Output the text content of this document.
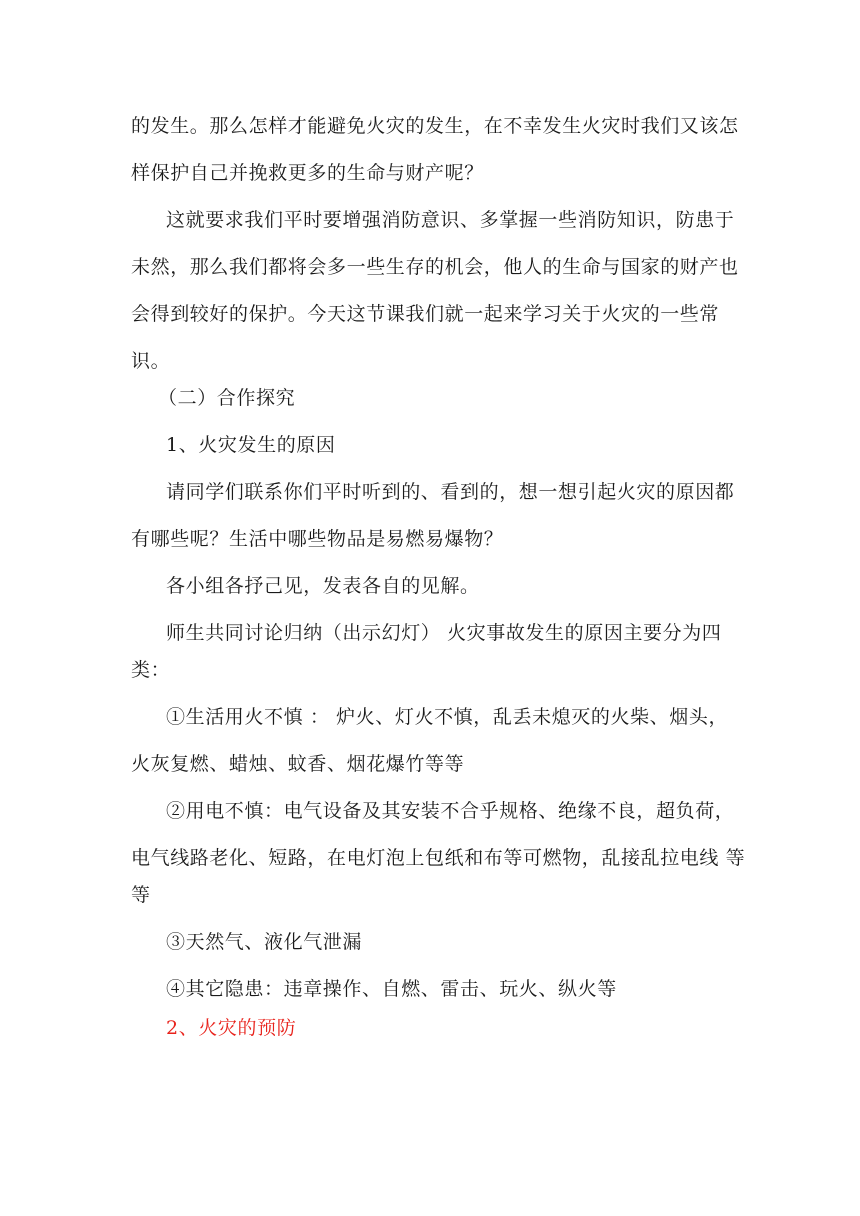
的发生。那么怎样才能避免火灾的发生，在不幸发生火灾时我们又该怎
样保护自己并挽救更多的生命与财产呢？
这就要求我们平时要增强消防意识、多掌握一些消防知识，防患于
未然，那么我们都将会多一些生存的机会，他人的生命与国家的财产也
会得到较好的保护。今天这节课我们就一起来学习关于火灾的一些常
识。
（二）合作探究
1、火灾发生的原因
请同学们联系你们平时听到的、看到的，想一想引起火灾的原因都
有哪些呢？生活中哪些物品是易燃易爆物？
各小组各抒己见，发表各自的见解。
师生共同讨论归纳（出示幻灯） 火灾事故发生的原因主要分为四
类：
①生活用火不慎 ： 炉火、灯火不慎，乱丢未熄灭的火柴、烟头，
火灰复燃、蜡烛、蚊香、烟花爆竹等等
②用电不慎：电气设备及其安装不合乎规格、绝缘不良，超负荷，
电气线路老化、短路，在电灯泡上包纸和布等可燃物，乱接乱拉电线 等
等
③天然气、液化气泄漏
④其它隐患：违章操作、自燃、雷击、玩火、纵火等
2、火灾的预防
